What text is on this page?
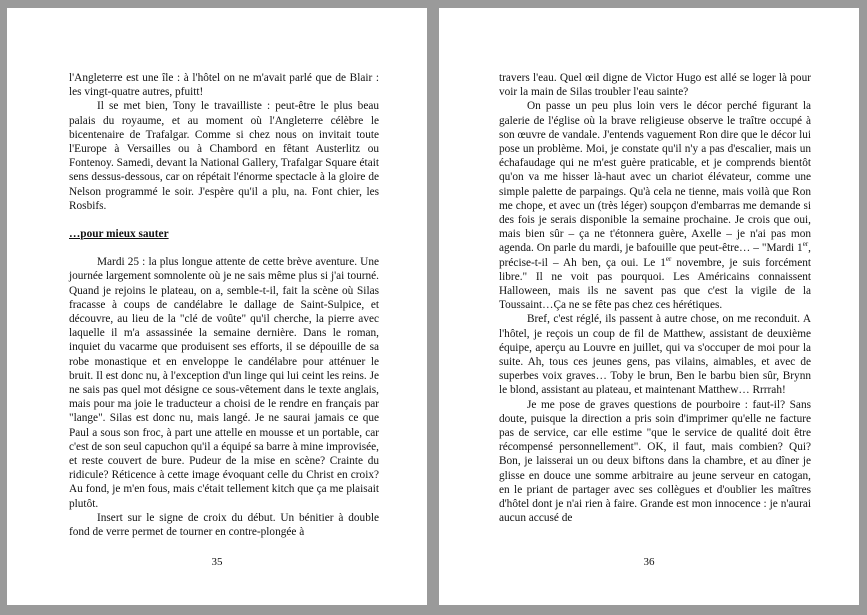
l'Angleterre est une île : à l'hôtel on ne m'avait parlé que de Blair : les vingt-quatre autres, pfuitt!

Il se met bien, Tony le travailliste : peut-être le plus beau palais du royaume, et au moment où l'Angleterre célèbre le bicentenaire de Trafalgar. Comme si chez nous on invitait toute l'Europe à Versailles ou à Chambord en fêtant Austerlitz ou Fontenoy. Samedi, devant la National Gallery, Trafalgar Square était sens dessus-dessous, car on répétait l'énorme spectacle à la gloire de Nelson programmé le soir. J'espère qu'il a plu, na. Font chier, les Rosbifs.

…pour mieux sauter

Mardi 25 : la plus longue attente de cette brève aventure. Une journée largement somnolente où je ne sais même plus si j'ai tourné. Quand je rejoins le plateau, on a, semble-t-il, fait la scène où Silas fracasse à coups de candélabre le dallage de Saint-Sulpice, et découvre, au lieu de la "clé de voûte" qu'il cherche, la pierre avec laquelle il m'a assassinée la semaine dernière. Dans le roman, inquiet du vacarme que produisent ses efforts, il se dépouille de sa robe monastique et en enveloppe le candélabre pour atténuer le bruit. Il est donc nu, à l'exception d'un linge qui lui ceint les reins. Je ne sais pas quel mot désigne ce sous-vêtement dans le texte anglais, mais pour ma joie le traducteur a choisi de le rendre en français par "lange". Silas est donc nu, mais langé. Je ne saurai jamais ce que Paul a sous son froc, à part une attelle en mousse et un portable, car c'est de son seul capuchon qu'il a équipé sa barre à mine improvisée, et reste couvert de bure. Pudeur de la mise en scène? Crainte du ridicule? Réticence à cette image évoquant celle du Christ en croix? Au fond, je m'en fous, mais c'était tellement kitch que ça me plaisait plutôt.

Insert sur le signe de croix du début. Un bénitier à double fond de verre permet de tourner en contre-plongée à

35

travers l'eau. Quel œil digne de Victor Hugo est allé se loger là pour voir la main de Silas troubler l'eau sainte?

On passe un peu plus loin vers le décor perché figurant la galerie de l'église où la brave religieuse observe le traître occupé à son œuvre de vandale. J'entends vaguement Ron dire que le décor lui pose un problème. Moi, je constate qu'il n'y a pas d'escalier, mais un échafaudage qui ne m'est guère praticable, et je comprends bientôt qu'on va me hisser là-haut avec un chariot élévateur, comme une simple palette de parpaings. Qu'à cela ne tienne, mais voilà que Ron me chope, et avec un (très léger) soupçon d'embarras me demande si des fois je serais disponible la semaine prochaine. Je crois que oui, mais bien sûr – ça ne t'étonnera guère, Axelle – je n'ai pas mon agenda. On parle du mardi, je bafouille que peut-être… – "Mardi 1er, précise-t-il – Ah ben, ça oui. Le 1er novembre, je suis forcément libre." Il ne voit pas pourquoi. Les Américains connaissent Halloween, mais ils ne savent pas que c'est la vigile de la Toussaint…Ça ne se fête pas chez ces hérétiques.

Bref, c'est réglé, ils passent à autre chose, on me reconduit. A l'hôtel, je reçois un coup de fil de Matthew, assistant de deuxième équipe, aperçu au Louvre en juillet, qui va s'occuper de moi pour la suite. Ah, tous ces jeunes gens, pas vilains, aimables, et avec de superbes voix graves… Toby le brun, Ben le barbu bien sûr, Brynn le blond, assistant au plateau, et maintenant Matthew… Rrrrah!

Je me pose de graves questions de pourboire : faut-il? Sans doute, puisque la direction a pris soin d'imprimer qu'elle ne facture pas de service, car elle estime "que le service de qualité doit être récompensé personnellement". OK, il faut, mais combien? Qui? Bon, je laisserai un ou deux biftons dans la chambre, et au dîner je glisse en douce une somme arbitraire au jeune serveur en catogan, en le priant de partager avec ses collègues et d'oublier les maîtres d'hôtel dont je n'ai rien à faire. Grande est mon innocence : je n'aurai aucun accusé de

36
